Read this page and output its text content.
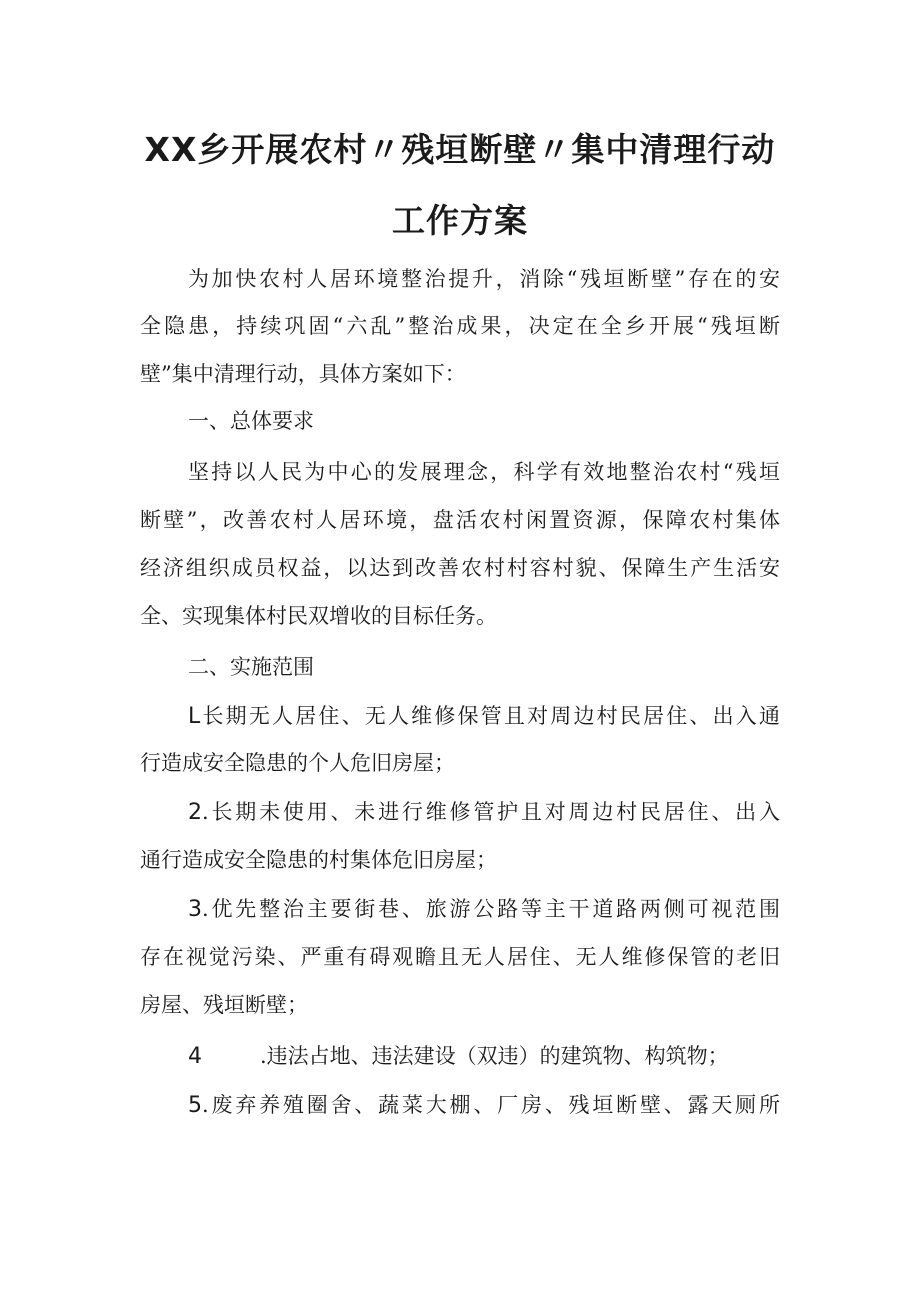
XX乡开展农村〃残垣断壁〃集中清理行动
工作方案
为加快农村人居环境整治提升，消除“残垣断壁”存在的安
全隐患，持续巩固“六乱”整治成果，决定在全乡开展“残垣断
壁”集中清理行动，具体方案如下：
一、总体要求
坚持以人民为中心的发展理念，科学有效地整治农村“残垣
断壁”，改善农村人居环境，盘活农村闲置资源，保障农村集体
经济组织成员权益，以达到改善农村村容村貌、保障生产生活安
全、实现集体村民双增收的目标任务。
二、实施范围
L长期无人居住、无人维修保管且对周边村民居住、出入通
行造成安全隐患的个人危旧房屋；
2.长期未使用、未进行维修管护且对周边村民居住、出入
通行造成安全隐患的村集体危旧房屋；
3.优先整治主要街巷、旅游公路等主干道路两侧可视范围
存在视觉污染、严重有碍观瞻且无人居住、无人维修保管的老旧
房屋、残垣断壁；
4	.违法占地、违法建设（双违）的建筑物、构筑物；
5.废弃养殖圈舍、蔬菜大棚、厂房、残垣断壁、露天厕所
